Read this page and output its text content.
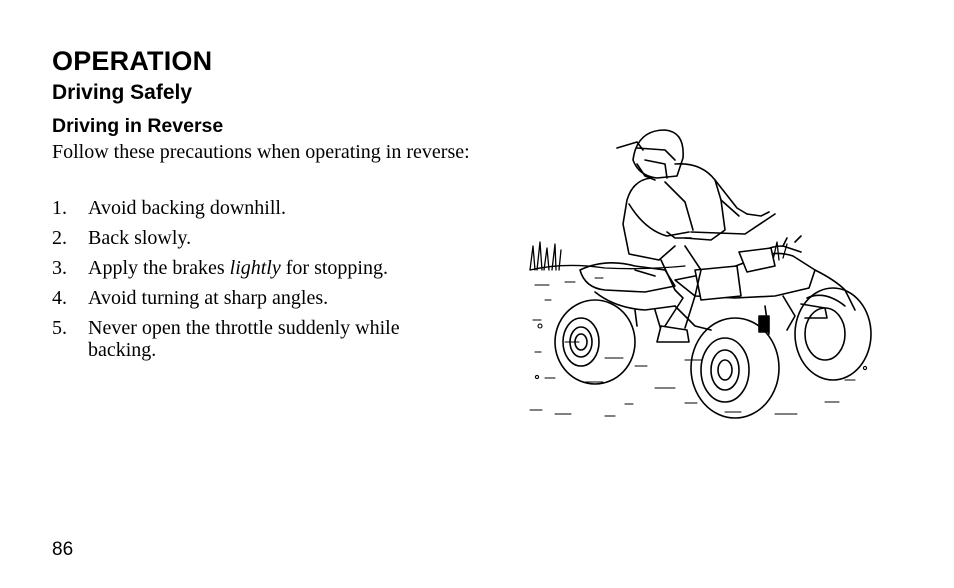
OPERATION
Driving Safely
Driving in Reverse
Follow these precautions when operating in reverse:
1. Avoid backing downhill.
2. Back slowly.
3. Apply the brakes lightly for stopping.
4. Avoid turning at sharp angles.
5. Never open the throttle suddenly while backing.
86
